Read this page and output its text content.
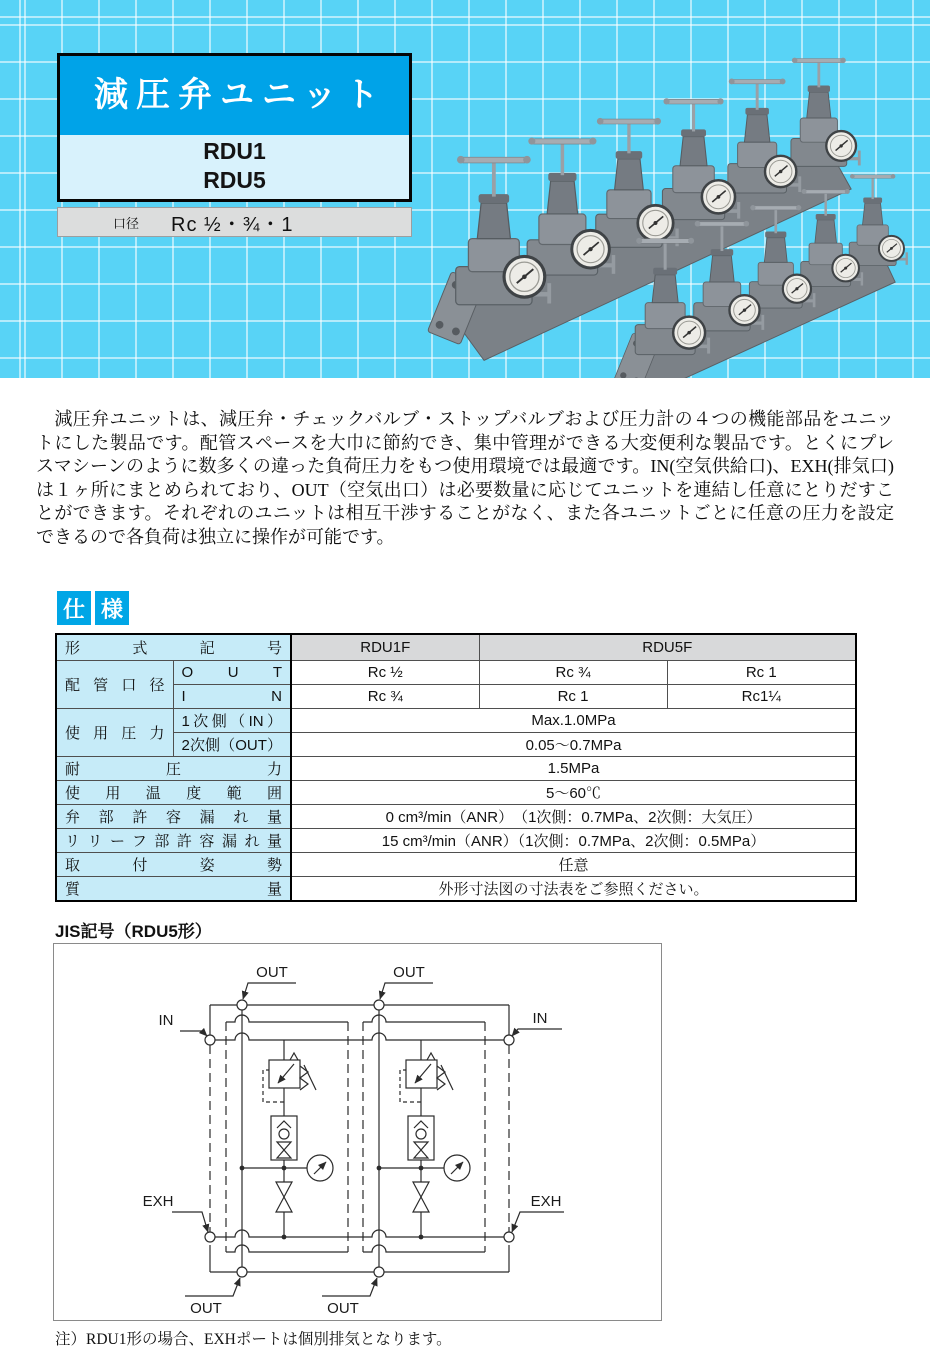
減圧弁ユニット
RDU1
RDU5
口径 Rc ½・¾・1

　減圧弁ユニットは、減圧弁・チェックバルブ・ストップバルブおよび圧力計の４つの機能部品をユニットにした製品です。配管スペースを大巾に節約でき、集中管理ができる大変便利な製品です。とくにプレスマシーンのように数多くの違った負荷圧力をもつ使用環境では最適です。IN(空気供給口)、EXH(排気口)は１ヶ所にまとめられており、OUT（空気出口）は必要数量に応じてユニットを連結し任意にとりだすことができます。それぞれのユニットは相互干渉することがなく、また各ユニットごとに任意の圧力を設定できるので各負荷は独立に操作が可能です。

仕 様
形式記号		RDU1F	RDU5F	
配管口径	O U T	Rc ½	Rc ¾	Rc 1
	I N	Rc ¾	Rc 1	Rc1¼
使用圧力	1次側（IN）	Max.1.0MPa		
	2次側（OUT）	0.05～0.7MPa		
耐圧力		1.5MPa		
使用温度範囲		5～60℃		
弁部許容漏れ量		0 cm³/min（ANR）　（1次側：0.7MPa、2次側：大気圧）		
リリーフ部許容漏れ量		15 cm³/min（ANR）（1次側：0.7MPa、2次側：0.5MPa）		
取付姿勢		任意		
質量		外形寸法図の寸法表をご参照ください。		
JIS記号（RDU5形）
OUT	OUT
IN	IN
EXH	EXH
OUT	OUT
注）RDU1形の場合、EXHポートは個別排気となります。
